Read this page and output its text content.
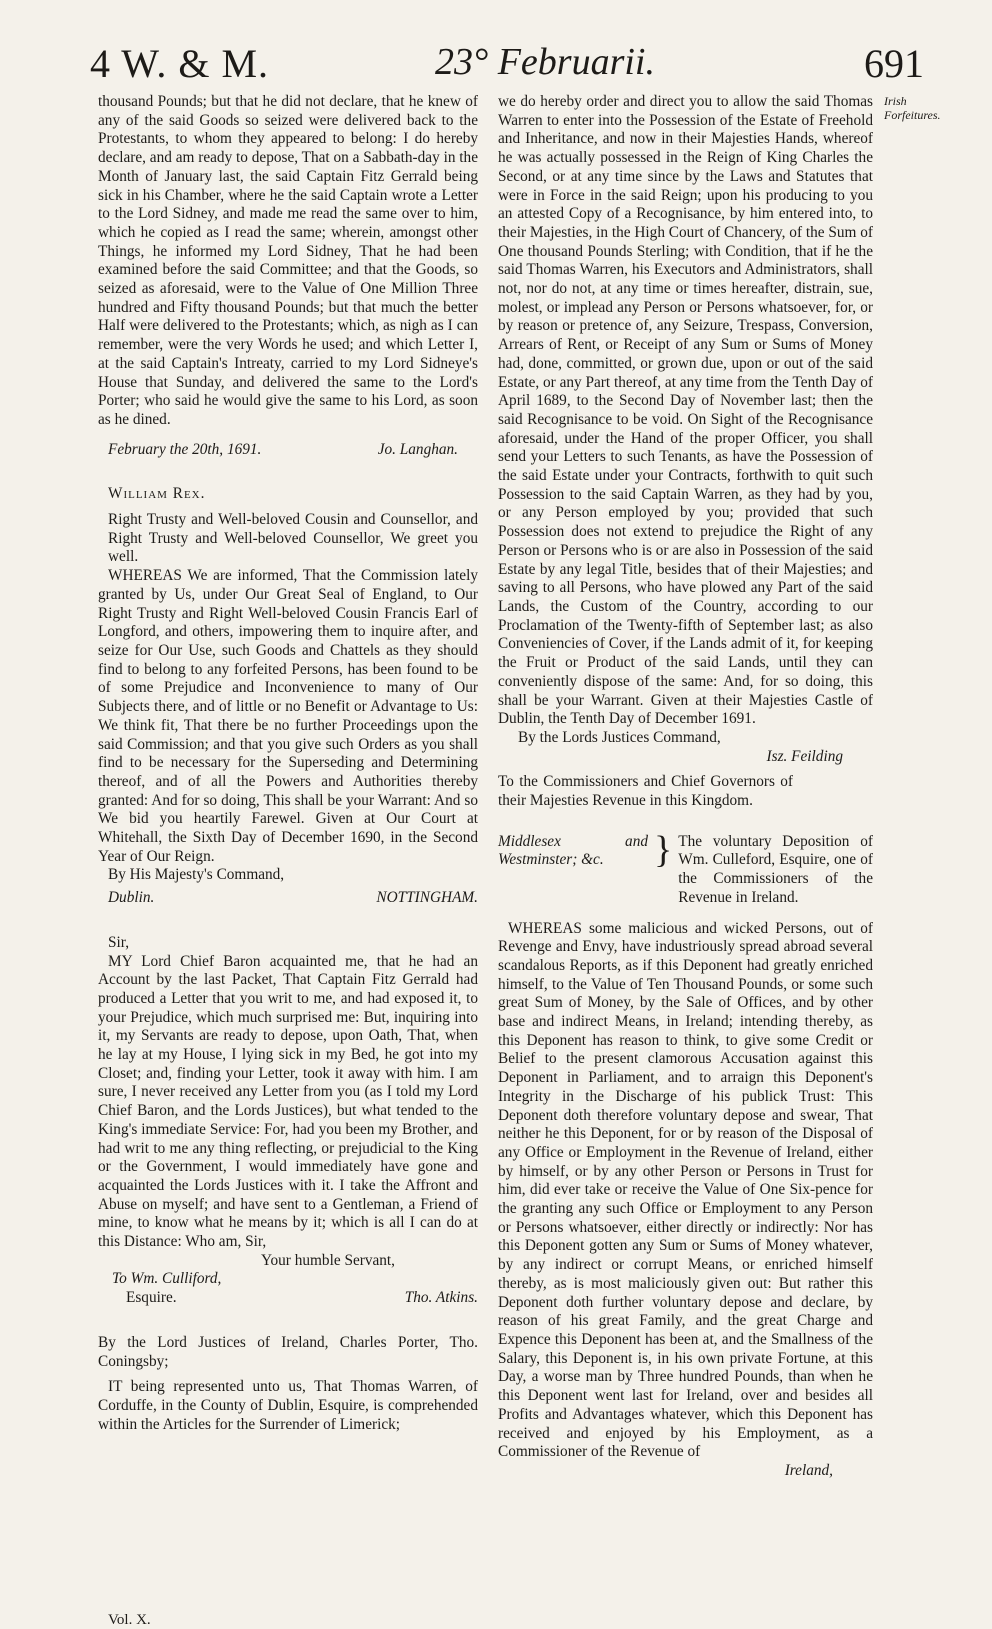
4 W. & M.	23° Februarii.	691
Irish Forfeitures.

thousand Pounds; but that he did not declare, that he knew of any of the said Goods so seized were delivered back to the Protestants, to whom they appeared to belong: I do hereby declare, and am ready to depose, That on a Sabbath-day in the Month of January last, the said Captain Fitz Gerrald being sick in his Chamber, where he the said Captain wrote a Letter to the Lord Sidney, and made me read the same over to him, which he copied as I read the same; wherein, amongst other Things, he informed my Lord Sidney, That he had been examined before the said Committee; and that the Goods, so seized as aforesaid, were to the Value of One Million Three hundred and Fifty thousand Pounds; but that much the better Half were delivered to the Protestants; which, as nigh as I can remember, were the very Words he used; and which Letter I, at the said Captain's Intreaty, carried to my Lord Sidneye's House that Sunday, and delivered the same to the Lord's Porter; who said he would give the same to his Lord, as soon as he dined.

February the 20th, 1691.	Jo. Langhan.

William Rex.

Right Trusty and Well-beloved Cousin and Counsellor, and Right Trusty and Well-beloved Counsellor, We greet you well.

WHEREAS We are informed, That the Commission lately granted by Us, under Our Great Seal of England, to Our Right Trusty and Right Well-beloved Cousin Francis Earl of Longford, and others, impowering them to inquire after, and seize for Our Use, such Goods and Chattels as they should find to belong to any forfeited Persons, has been found to be of some Prejudice and Inconvenience to many of Our Subjects there, and of little or no Benefit or Advantage to Us: We think fit, That there be no further Proceedings upon the said Commission; and that you give such Orders as you shall find to be necessary for the Superseding and Determining thereof, and of all the Powers and Authorities thereby granted: And for so doing, This shall be your Warrant: And so We bid you heartily Farewel. Given at Our Court at Whitehall, the Sixth Day of December 1690, in the Second Year of Our Reign.

By His Majesty's Command,

Dublin.	NOTTINGHAM.

Sir,

MY Lord Chief Baron acquainted me, that he had an Account by the last Packet, That Captain Fitz Gerrald had produced a Letter that you writ to me, and had exposed it, to your Prejudice, which much surprised me: But, inquiring into it, my Servants are ready to depose, upon Oath, That, when he lay at my House, I lying sick in my Bed, he got into my Closet; and, finding your Letter, took it away with him. I am sure, I never received any Letter from you (as I told my Lord Chief Baron, and the Lords Justices), but what tended to the King's immediate Service: For, had you been my Brother, and had writ to me any thing reflecting, or prejudicial to the King or the Government, I would immediately have gone and acquainted the Lords Justices with it. I take the Affront and Abuse on myself; and have sent to a Gentleman, a Friend of mine, to know what he means by it; which is all I can do at this Distance: Who am, Sir,

Your humble Servant,

To Wm. Culliford,

Esquire.	Tho. Atkins.

By the Lord Justices of Ireland, Charles Porter, Tho. Coningsby;

IT being represented unto us, That Thomas Warren, of Corduffe, in the County of Dublin, Esquire, is comprehended within the Articles for the Surrender of Limerick;

we do hereby order and direct you to allow the said Thomas Warren to enter into the Possession of the Estate of Freehold and Inheritance, and now in their Majesties Hands, whereof he was actually possessed in the Reign of King Charles the Second, or at any time since by the Laws and Statutes that were in Force in the said Reign; upon his producing to you an attested Copy of a Recognisance, by him entered into, to their Majesties, in the High Court of Chancery, of the Sum of One thousand Pounds Sterling; with Condition, that if he the said Thomas Warren, his Executors and Administrators, shall not, nor do not, at any time or times hereafter, distrain, sue, molest, or implead any Person or Persons whatsoever, for, or by reason or pretence of, any Seizure, Trespass, Conversion, Arrears of Rent, or Receipt of any Sum or Sums of Money had, done, committed, or grown due, upon or out of the said Estate, or any Part thereof, at any time from the Tenth Day of April 1689, to the Second Day of November last; then the said Recognisance to be void. On Sight of the Recognisance aforesaid, under the Hand of the proper Officer, you shall send your Letters to such Tenants, as have the Possession of the said Estate under your Contracts, forthwith to quit such Possession to the said Captain Warren, as they had by you, or any Person employed by you; provided that such Possession does not extend to prejudice the Right of any Person or Persons who is or are also in Possession of the said Estate by any legal Title, besides that of their Majesties; and saving to all Persons, who have plowed any Part of the said Lands, the Custom of the Country, according to our Proclamation of the Twenty-fifth of September last; as also Conveniencies of Cover, if the Lands admit of it, for keeping the Fruit or Product of the said Lands, until they can conveniently dispose of the same: And, for so doing, this shall be your Warrant. Given at their Majesties Castle of Dublin, the Tenth Day of December 1691.

By the Lords Justices Command,

Isz. Feilding

To the Commissioners and Chief Governors of their Majesties Revenue in this Kingdom.

Middlesex and Westminster; &c.	} The voluntary Deposition of Wm. Culleford, Esquire, one of the Commissioners of the Revenue in Ireland.

WHEREAS some malicious and wicked Persons, out of Revenge and Envy, have industriously spread abroad several scandalous Reports, as if this Deponent had greatly enriched himself, to the Value of Ten Thousand Pounds, or some such great Sum of Money, by the Sale of Offices, and by other base and indirect Means, in Ireland; intending thereby, as this Deponent has reason to think, to give some Credit or Belief to the present clamorous Accusation against this Deponent in Parliament, and to arraign this Deponent's Integrity in the Discharge of his publick Trust: This Deponent doth therefore voluntary depose and swear, That neither he this Deponent, for or by reason of the Disposal of any Office or Employment in the Revenue of Ireland, either by himself, or by any other Person or Persons in Trust for him, did ever take or receive the Value of One Six-pence for the granting any such Office or Employment to any Person or Persons whatsoever, either directly or indirectly: Nor has this Deponent gotten any Sum or Sums of Money whatever, by any indirect or corrupt Means, or enriched himself thereby, as is most maliciously given out: But rather this Deponent doth further voluntary depose and declare, by reason of his great Family, and the great Charge and Expence this Deponent has been at, and the Smallness of the Salary, this Deponent is, in his own private Fortune, at this Day, a worse man by Three hundred Pounds, than when he this Deponent went last for Ireland, over and besides all Profits and Advantages whatever, which this Deponent has received and enjoyed by his Employment, as a Commissioner of the Revenue of

Ireland,

Vol. X.
